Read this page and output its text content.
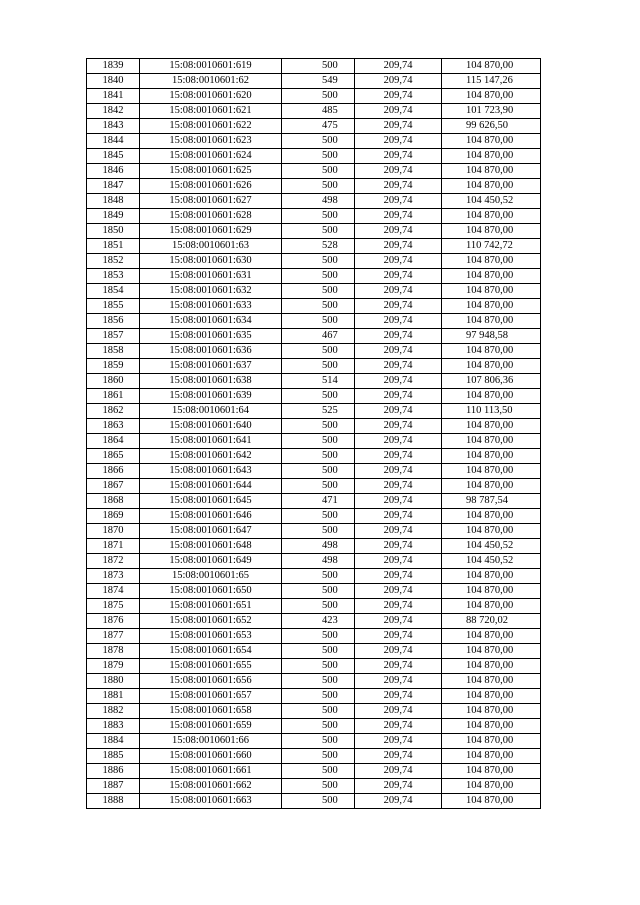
1839	15:08:0010601:619	500	209,74	104 870,00
1840	15:08:0010601:62	549	209,74	115 147,26
1841	15:08:0010601:620	500	209,74	104 870,00
1842	15:08:0010601:621	485	209,74	101 723,90
1843	15:08:0010601:622	475	209,74	99 626,50
1844	15:08:0010601:623	500	209,74	104 870,00
1845	15:08:0010601:624	500	209,74	104 870,00
1846	15:08:0010601:625	500	209,74	104 870,00
1847	15:08:0010601:626	500	209,74	104 870,00
1848	15:08:0010601:627	498	209,74	104 450,52
1849	15:08:0010601:628	500	209,74	104 870,00
1850	15:08:0010601:629	500	209,74	104 870,00
1851	15:08:0010601:63	528	209,74	110 742,72
1852	15:08:0010601:630	500	209,74	104 870,00
1853	15:08:0010601:631	500	209,74	104 870,00
1854	15:08:0010601:632	500	209,74	104 870,00
1855	15:08:0010601:633	500	209,74	104 870,00
1856	15:08:0010601:634	500	209,74	104 870,00
1857	15:08:0010601:635	467	209,74	97 948,58
1858	15:08:0010601:636	500	209,74	104 870,00
1859	15:08:0010601:637	500	209,74	104 870,00
1860	15:08:0010601:638	514	209,74	107 806,36
1861	15:08:0010601:639	500	209,74	104 870,00
1862	15:08:0010601:64	525	209,74	110 113,50
1863	15:08:0010601:640	500	209,74	104 870,00
1864	15:08:0010601:641	500	209,74	104 870,00
1865	15:08:0010601:642	500	209,74	104 870,00
1866	15:08:0010601:643	500	209,74	104 870,00
1867	15:08:0010601:644	500	209,74	104 870,00
1868	15:08:0010601:645	471	209,74	98 787,54
1869	15:08:0010601:646	500	209,74	104 870,00
1870	15:08:0010601:647	500	209,74	104 870,00
1871	15:08:0010601:648	498	209,74	104 450,52
1872	15:08:0010601:649	498	209,74	104 450,52
1873	15:08:0010601:65	500	209,74	104 870,00
1874	15:08:0010601:650	500	209,74	104 870,00
1875	15:08:0010601:651	500	209,74	104 870,00
1876	15:08:0010601:652	423	209,74	88 720,02
1877	15:08:0010601:653	500	209,74	104 870,00
1878	15:08:0010601:654	500	209,74	104 870,00
1879	15:08:0010601:655	500	209,74	104 870,00
1880	15:08:0010601:656	500	209,74	104 870,00
1881	15:08:0010601:657	500	209,74	104 870,00
1882	15:08:0010601:658	500	209,74	104 870,00
1883	15:08:0010601:659	500	209,74	104 870,00
1884	15:08:0010601:66	500	209,74	104 870,00
1885	15:08:0010601:660	500	209,74	104 870,00
1886	15:08:0010601:661	500	209,74	104 870,00
1887	15:08:0010601:662	500	209,74	104 870,00
1888	15:08:0010601:663	500	209,74	104 870,00
